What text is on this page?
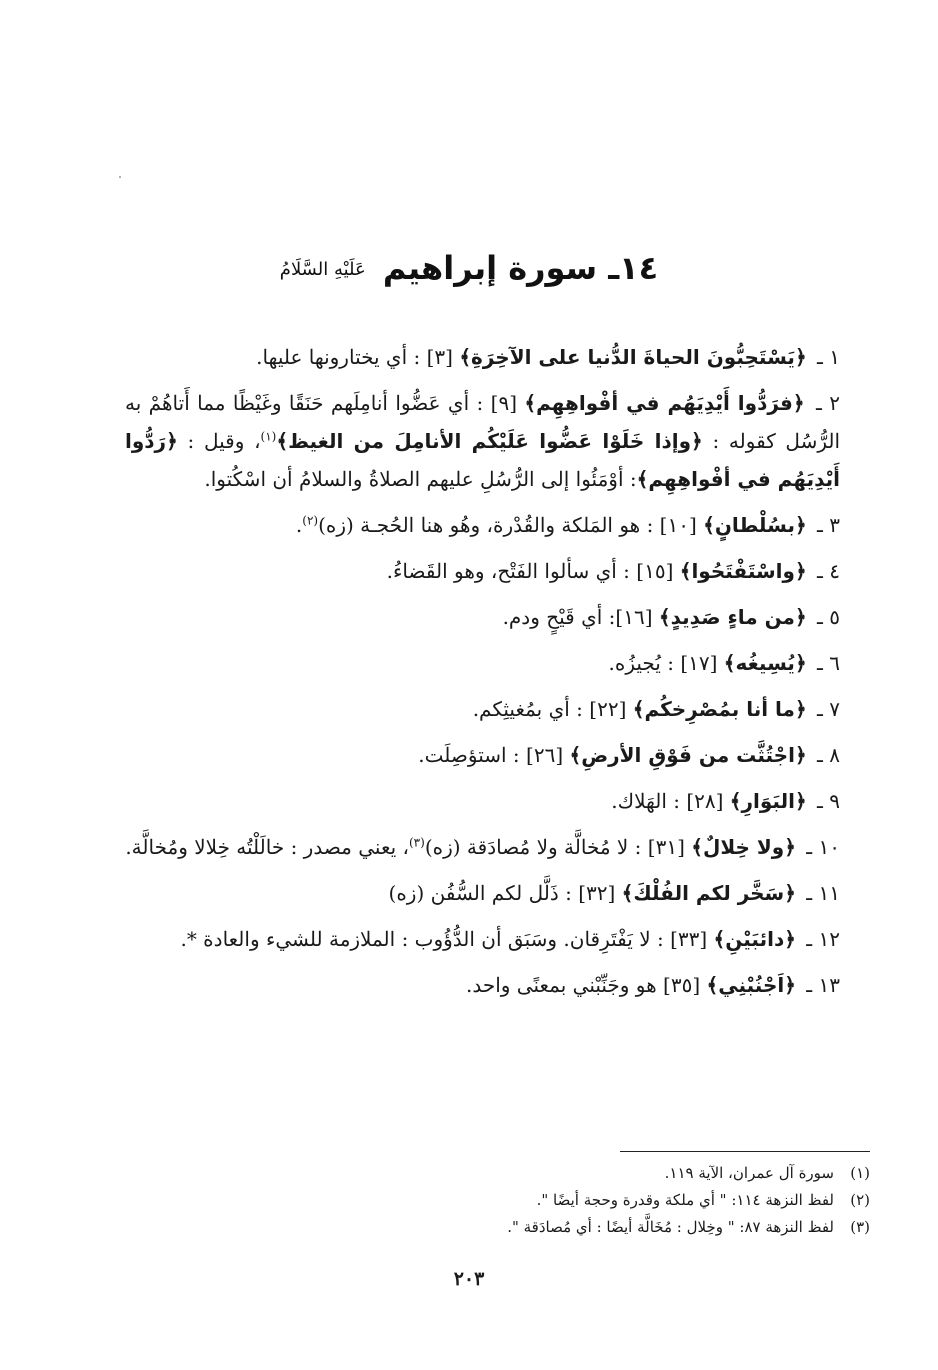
١٤ـ سورة إبراهيم عَلَيْهِ السَّلَامُ

١ ـ ﴿يَسْتَحِبُّونَ الحياةَ الدُّنيا على الآخِرَةِ﴾ [٣] : أي يختارونها عليها.

٢ ـ ﴿فرَدُّوا أَيْدِيَهُم في أفْواهِهِم﴾ [٩] : أي عَضُّوا أنامِلَهم حَنَقًا وغَيْظًا مما أَتاهُمْ به الرُّسُل كقوله : ﴿وإذا خَلَوْا عَضُّوا عَلَيْكُم الأنامِلَ من الغيظ﴾$^{(١)}$، وقيل : ﴿رَدُّوا أَيْدِيَهُم في أفْواهِهِم﴾: أوْمَئُوا إلى الرُّسُلِ عليهم الصلاةُ والسلامُ أن اسْكُتوا.

٣ ـ ﴿بسُلْطانٍ﴾ [١٠] : هو المَلكة والقُدْرة، وهُو هنا الحُجـة (زه)$^{(٢)}$.

٤ ـ ﴿واسْتَفْتَحُوا﴾ [١٥] : أي سألوا الفَتْح، وهو القَضاءُ.

٥ ـ ﴿من ماءٍ صَدِيدٍ﴾ [١٦]: أي قَيْحٍ ودم.

٦ ـ ﴿يُسِيغُه﴾ [١٧] : يُجيزُه.

٧ ـ ﴿ما أنا بمُصْرِخكُم﴾ [٢٢] : أي بمُغيثِكم.

٨ ـ ﴿اجْتُثَّت من فَوْقِ الأرضِ﴾ [٢٦] : استؤصِلَت.

٩ ـ ﴿البَوَارِ﴾ [٢٨] : الهَلاك.

١٠ ـ ﴿ولا خِلالٌ﴾ [٣١] : لا مُخالَّة ولا مُصادَقة (زه)$^{(٣)}$، يعني مصدر : خالَلْتُه خِلالا ومُخالَّة.

١١ ـ ﴿سَخَّر لكم الفُلْكَ﴾ [٣٢] : ذَلَّل لكم السُّفُن (زه)

١٢ ـ ﴿دائبَيْنِ﴾ [٣٣] : لا يَفْتَرِقان. وسَبَق أن الدُّؤُوب : الملازمة للشيء والعادة *.

١٣ ـ ﴿اَجْنُبْنِي﴾ [٣٥] هو وجَنِّبْني بمعنًى واحد.

(١)سورة آل عمران، الآية ١١٩.
(٢)لفظ النزهة ١١٤: " أي ملكة وقدرة وحجة أيضًا ".
(٣)لفظ النزهة ٨٧: " وخِلال : مُخَالَّة أيضًا : أي مُصادَقة ".
٢٠٣
